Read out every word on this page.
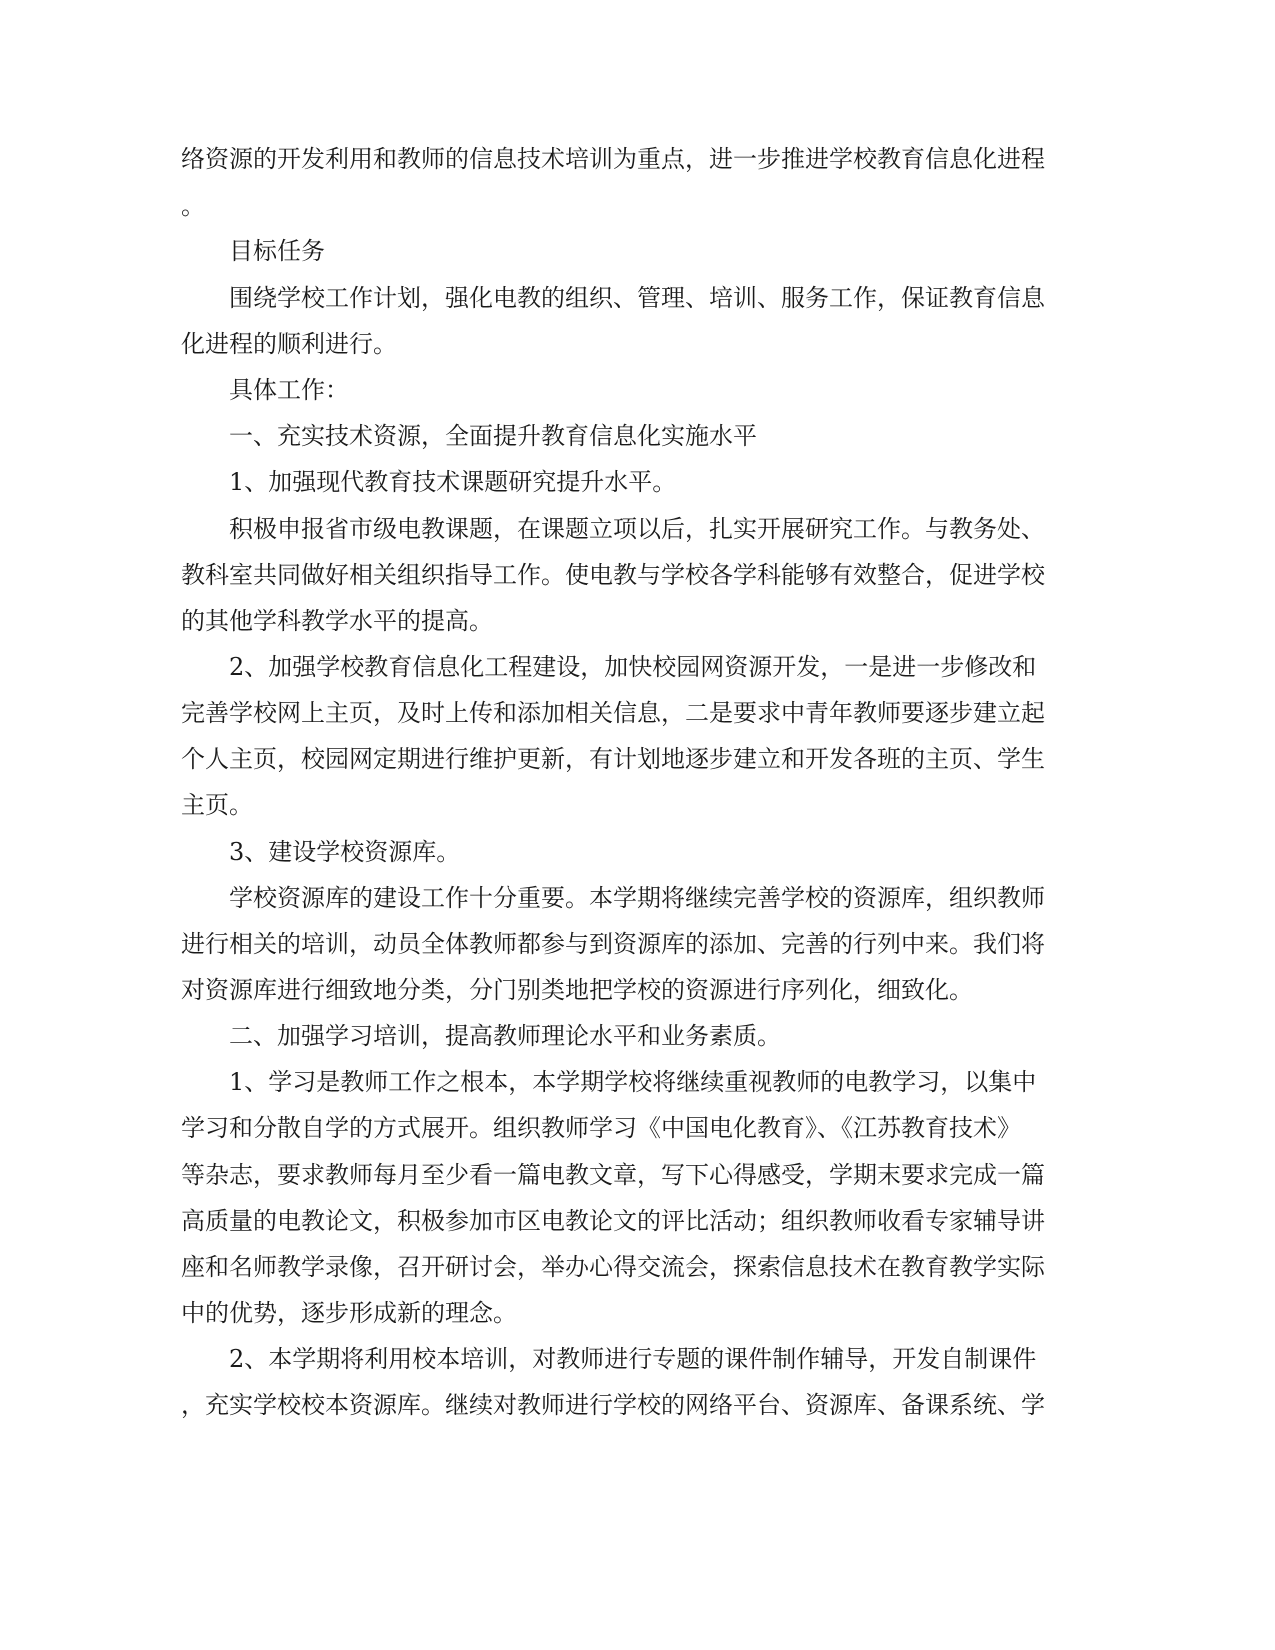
络资源的开发利用和教师的信息技术培训为重点，进一步推进学校教育信息化进程
。
目标任务
围绕学校工作计划，强化电教的组织、管理、培训、服务工作，保证教育信息
化进程的顺利进行。
具体工作：
一、充实技术资源，全面提升教育信息化实施水平
1、加强现代教育技术课题研究提升水平。
积极申报省市级电教课题，在课题立项以后，扎实开展研究工作。与教务处、
教科室共同做好相关组织指导工作。使电教与学校各学科能够有效整合，促进学校
的其他学科教学水平的提高。
2、加强学校教育信息化工程建设，加快校园网资源开发，一是进一步修改和
完善学校网上主页，及时上传和添加相关信息，二是要求中青年教师要逐步建立起
个人主页，校园网定期进行维护更新，有计划地逐步建立和开发各班的主页、学生
主页。
3、建设学校资源库。
学校资源库的建设工作十分重要。本学期将继续完善学校的资源库，组织教师
进行相关的培训，动员全体教师都参与到资源库的添加、完善的行列中来。我们将
对资源库进行细致地分类，分门别类地把学校的资源进行序列化，细致化。
二、加强学习培训，提高教师理论水平和业务素质。
1、学习是教师工作之根本，本学期学校将继续重视教师的电教学习，以集中
学习和分散自学的方式展开。组织教师学习《中国电化教育》、《江苏教育技术》
等杂志，要求教师每月至少看一篇电教文章，写下心得感受，学期末要求完成一篇
高质量的电教论文，积极参加市区电教论文的评比活动；组织教师收看专家辅导讲
座和名师教学录像，召开研讨会，举办心得交流会，探索信息技术在教育教学实际
中的优势，逐步形成新的理念。
2、本学期将利用校本培训，对教师进行专题的课件制作辅导，开发自制课件
，充实学校校本资源库。继续对教师进行学校的网络平台、资源库、备课系统、学
